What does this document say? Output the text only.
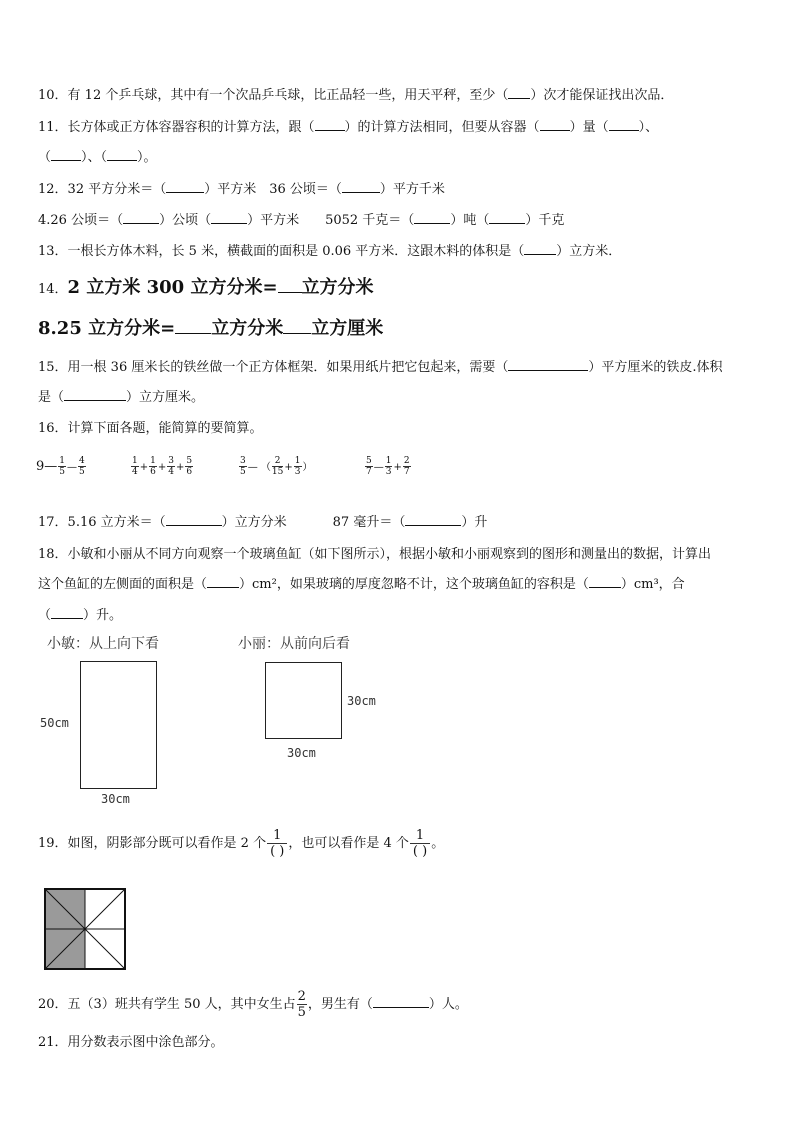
10．有 12 个乒乓球，其中有一个次品乒乓球，比正品轻一些，用天平秤，至少（ ）次才能保证找出次品．
11．长方体或正方体容器容积的计算方法，跟（ ）的计算方法相同，但要从容器（ ）量（ ）、
（ ）、（ ）。
12．32 平方分米＝（	）平方米　36 公顷＝（	）平方千米
4.26 公顷＝（	）公顷（	）平方米　　5052 千克＝（	）吨（	）千克
13．一根长方体木料，长 5 米，横截面的面积是 0.06 平方米．这跟木料的体积是（ ）立方米．
14．2 立方米 300 立方分米= 立方分米
8.25 立方分米= 立方分米 立方厘米
15．用一根 36 厘米长的铁丝做一个正方体框架．如果用纸片把它包起来，需要（	）平方厘米的铁皮.体积
是（	）立方厘米。
16．计算下面各题，能简算的要简算。
9— $\frac{1}{5}$ — $\frac{4}{5}$	$\frac{1}{4} + \frac{1}{6} + \frac{3}{4} + \frac{5}{6}$	$\frac{3}{5}$ — （ $\frac{2}{15} + \frac{1}{3}$ ）	$\frac{5}{7}$ — $\frac{1}{3} + \frac{2}{7}$
17．5.16 立方米＝（	）立方分米	87 毫升＝（	）升
18．小敏和小丽从不同方向观察一个玻璃鱼缸（如下图所示），根据小敏和小丽观察到的图形和测量出的数据，计算出
这个鱼缸的左侧面的面积是（ ）cm²，如果玻璃的厚度忽略不计，这个玻璃鱼缸的容积是（ ）cm³，合
（ ）升。
小敏：从上向下看	小丽：从前向后看
50cm
30cm
30cm
30cm
19．如图，阴影部分既可以看作是 2 个 $\frac{1}{( )}$ ，也可以看作是 4 个 $\frac{1}{( )}$ 。
20．五（3）班共有学生 50 人，其中女生占 $\frac{2}{5}$ ，男生有（	）人。
21．用分数表示图中涂色部分。
